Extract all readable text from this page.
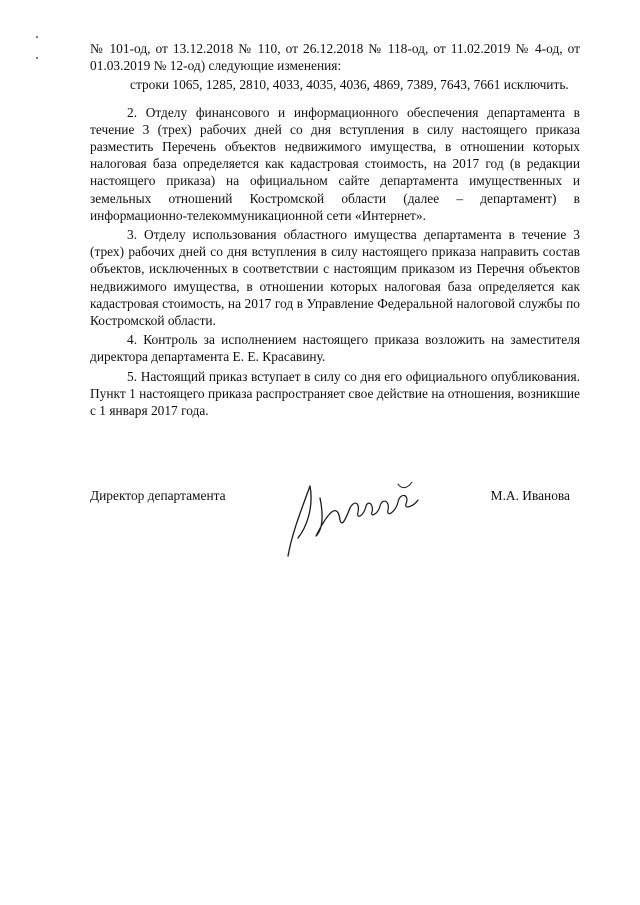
№ 101-од, от 13.12.2018 № 110, от 26.12.2018 № 118-од, от 11.02.2019 № 4-од, от 01.03.2019 № 12-од) следующие изменения:

строки 1065, 1285, 2810, 4033, 4035, 4036, 4869, 7389, 7643, 7661 исключить.

2. Отделу финансового и информационного обеспечения департамента в течение 3 (трех) рабочих дней со дня вступления в силу настоящего приказа разместить Перечень объектов недвижимого имущества, в отношении которых налоговая база определяется как кадастровая стоимость, на 2017 год (в редакции настоящего приказа) на официальном сайте департамента имущественных и земельных отношений Костромской области (далее – департамент) в информационно-телекоммуникационной сети «Интернет».

3. Отделу использования областного имущества департамента в течение 3 (трех) рабочих дней со дня вступления в силу настоящего приказа направить состав объектов, исключенных в соответствии с настоящим приказом из Перечня объектов недвижимого имущества, в отношении которых налоговая база определяется как кадастровая стоимость, на 2017 год в Управление Федеральной налоговой службы по Костромской области.

4. Контроль за исполнением настоящего приказа возложить на заместителя директора департамента Е. Е. Красавину.

5. Настоящий приказ вступает в силу со дня его официального опубликования. Пункт 1 настоящего приказа распространяет свое действие на отношения, возникшие с 1 января 2017 года.

Директор департамента	М.А. Иванова
